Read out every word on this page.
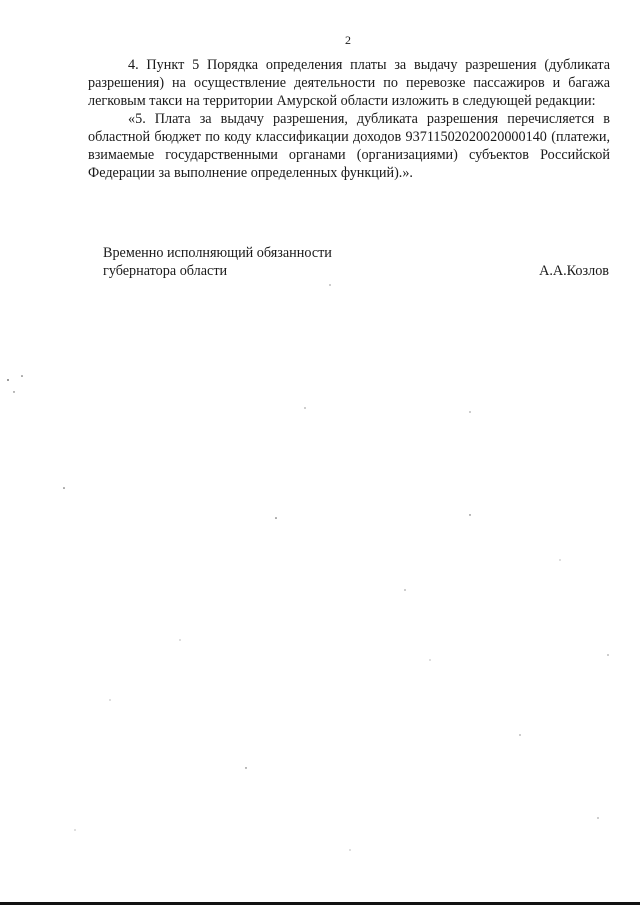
2

4. Пункт 5 Порядка определения платы за выдачу разрешения (дубликата разрешения) на осуществление деятельности по перевозке пассажиров и багажа легковым такси на территории Амурской области изложить в следующей редакции:

«5. Плата за выдачу разрешения, дубликата разрешения перечисляется в областной бюджет по коду классификации доходов 93711502020020000140 (платежи, взимаемые государственными органами (организациями) субъектов Российской Федерации за выполнение определенных функций).».

Временно исполняющий обязанности
губернатора области	А.А.Козлов
